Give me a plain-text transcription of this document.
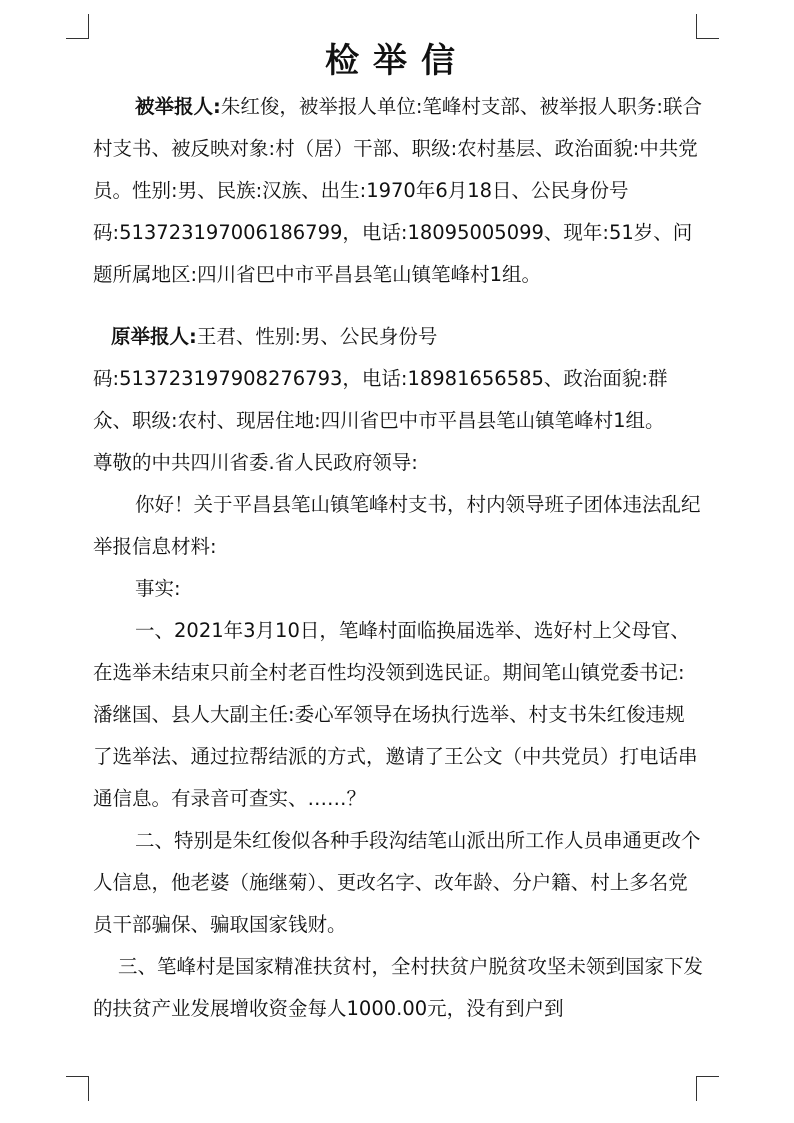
检举信

被举报人:朱红俊，被举报人单位:笔峰村支部、被举报人职务:联合村支书、被反映对象:村（居）干部、职级:农村基层、政治面貌:中共党员。性别:男、民族:汉族、出生:1970年6月18日、公民身份号码:513723197006186799，电话:18095005099、现年:51岁、问题所属地区:四川省巴中市平昌县笔山镇笔峰村1组。

原举报人:王君、性别:男、公民身份号码:513723197908276793，电话:18981656585、政治面貌:群众、职级:农村、现居住地:四川省巴中市平昌县笔山镇笔峰村1组。

尊敬的中共四川省委.省人民政府领导:

你好！关于平昌县笔山镇笔峰村支书，村内领导班子团体违法乱纪举报信息材料:

事实:

一、2021年3月10日，笔峰村面临换届选举、选好村上父母官、在选举未结束只前全村老百性均没领到选民证。期间笔山镇党委书记:潘继国、县人大副主任:委心军领导在场执行选举、村支书朱红俊违规了选举法、通过拉帮结派的方式，邀请了王公文（中共党员）打电话串通信息。有录音可查实、……？

二、特别是朱红俊似各种手段沟结笔山派出所工作人员串通更改个人信息，他老婆（施继菊）、更改名字、改年龄、分户籍、村上多名党员干部骗保、骗取国家钱财。

三、笔峰村是国家精准扶贫村，全村扶贫户脱贫攻坚未领到国家下发的扶贫产业发展增收资金每人1000.00元，没有到户到
